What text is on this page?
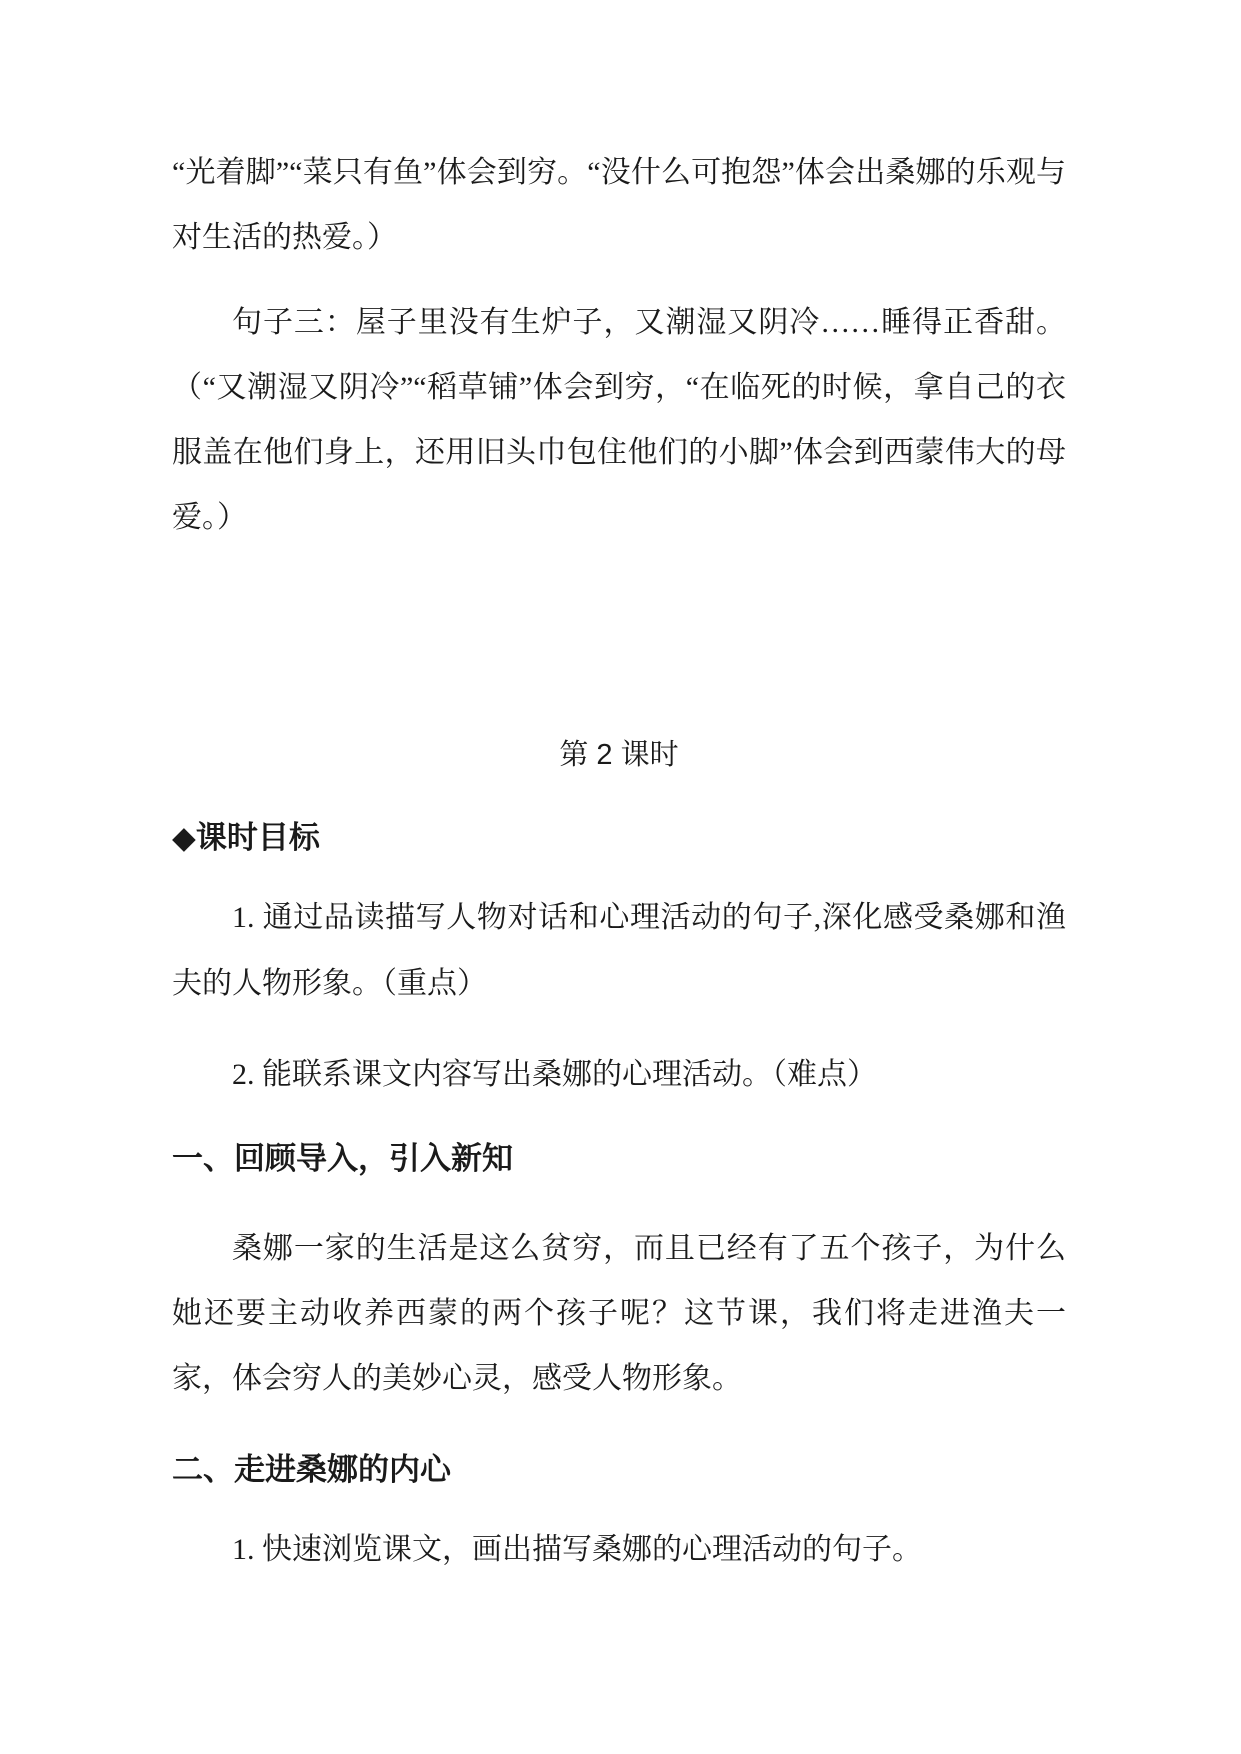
“光着脚”“菜只有鱼”体会到穷。“没什么可抱怨”体会出桑娜的乐观与对生活的热爱。）

句子三：屋子里没有生炉子，又潮湿又阴冷……睡得正香甜。（“又潮湿又阴冷”“稻草铺”体会到穷，“在临死的时候，拿自己的衣服盖在他们身上，还用旧头巾包住他们的小脚”体会到西蒙伟大的母爱。）

第 2 课时
◆课时目标

1. 通过品读描写人物对话和心理活动的句子,深化感受桑娜和渔夫的人物形象。（重点）

2. 能联系课文内容写出桑娜的心理活动。（难点）

一、回顾导入，引入新知

桑娜一家的生活是这么贫穷，而且已经有了五个孩子，为什么她还要主动收养西蒙的两个孩子呢？这节课，我们将走进渔夫一家，体会穷人的美妙心灵，感受人物形象。

二、走进桑娜的内心

1. 快速浏览课文，画出描写桑娜的心理活动的句子。
